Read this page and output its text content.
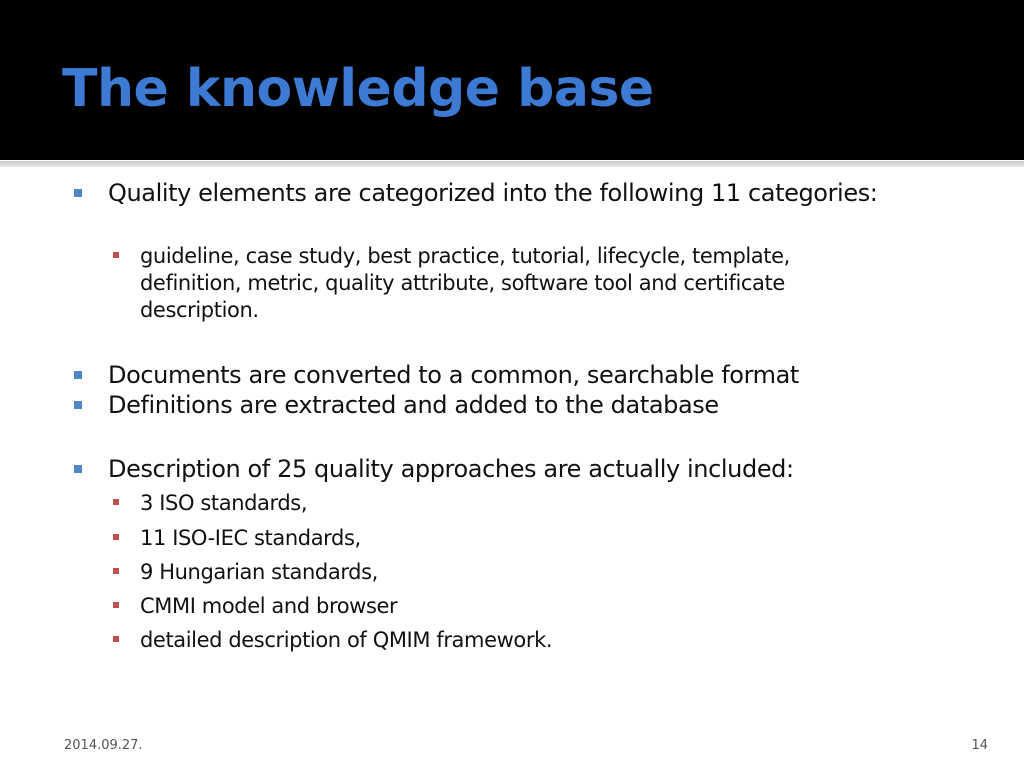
The knowledge base
Quality elements are categorized into the following 11 categories:
guideline, case study, best practice, tutorial, lifecycle, template, definition, metric, quality attribute, software tool and certificate description.
Documents are converted to a common, searchable format
Definitions are extracted and added to the database
Description of 25 quality approaches are actually included:
3 ISO standards,
11 ISO-IEC standards,
9 Hungarian standards,
CMMI model and browser
detailed description of QMIM framework.
2014.09.27.	14
